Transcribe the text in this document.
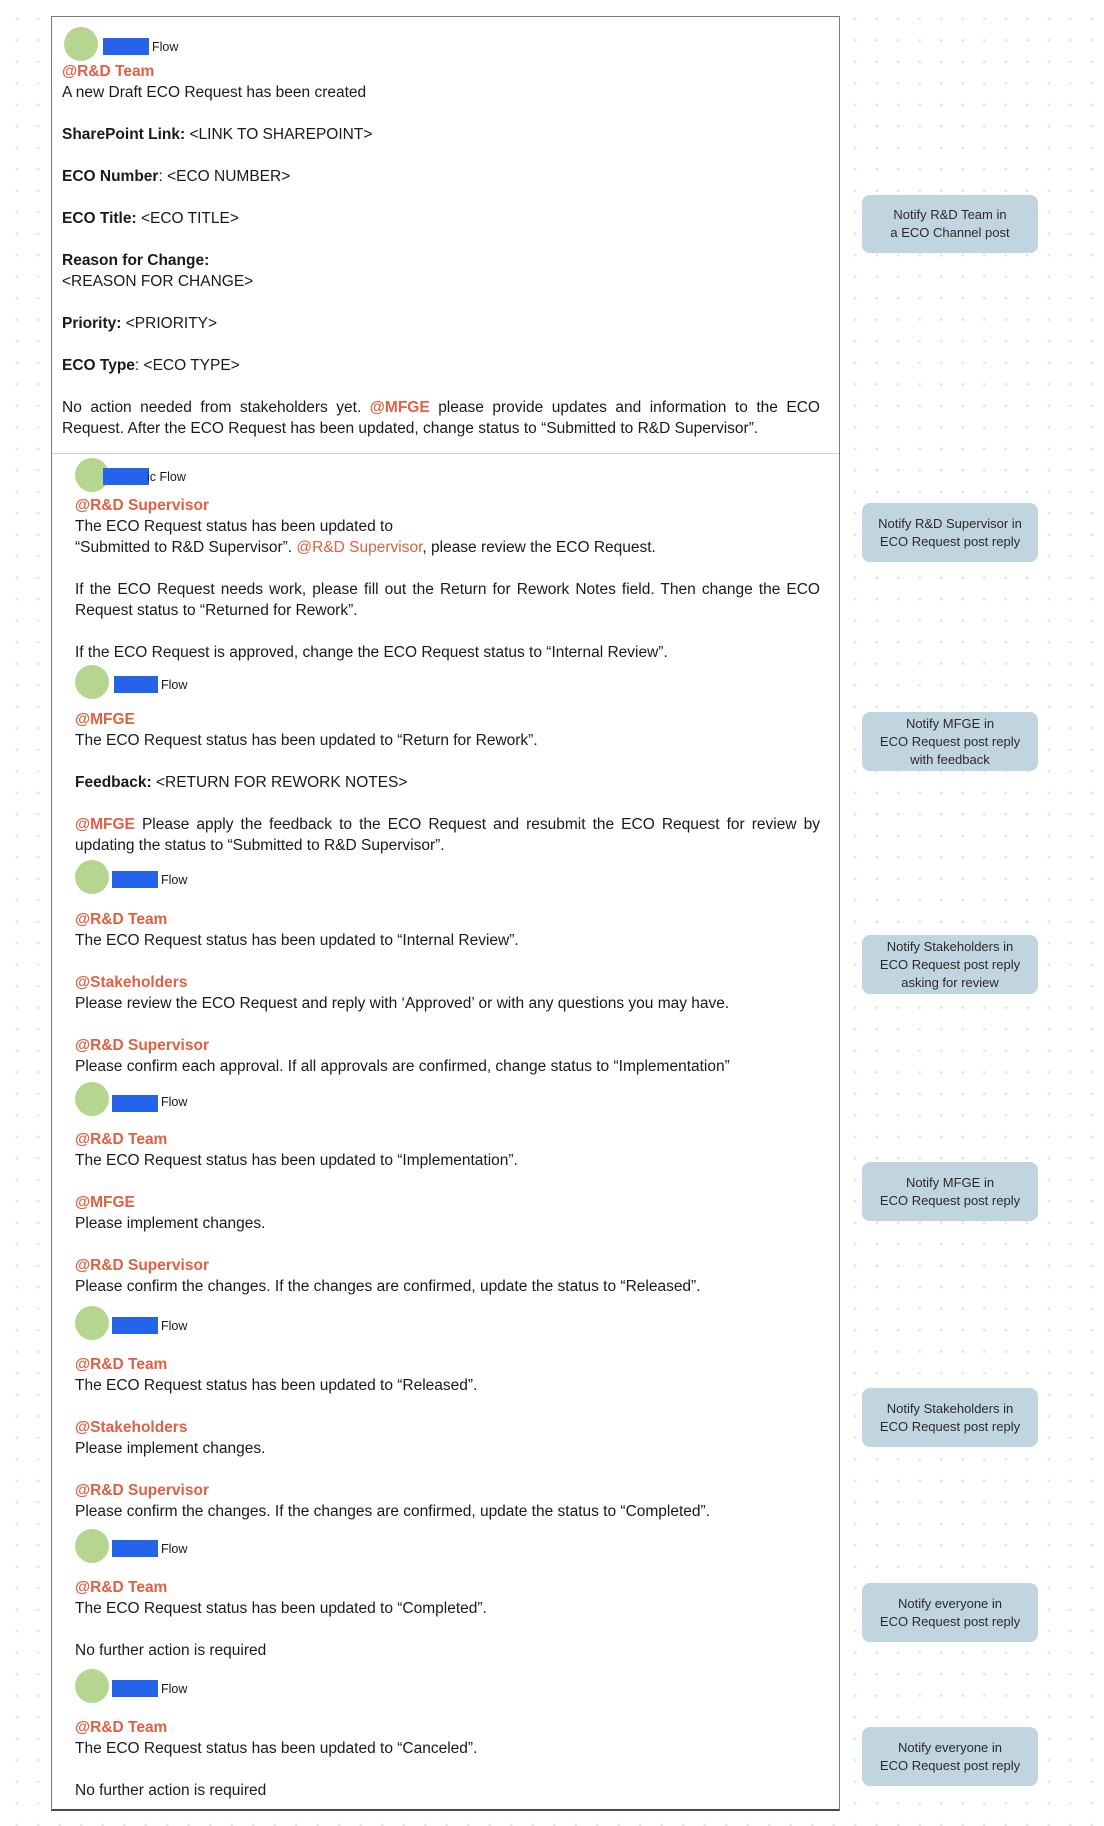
Flow

@R&D Team

A new Draft ECO Request has been created

SharePoint Link: <LINK TO SHAREPOINT>

ECO Number: <ECO NUMBER>

ECO Title: <ECO TITLE>

Reason for Change:

<REASON FOR CHANGE>

Priority: <PRIORITY>

ECO Type: <ECO TYPE>

No action needed from stakeholders yet. @MFGE please provide updates and information to the ECO Request. After the ECO Request has been updated, change status to “Submitted to R&D Supervisor”.

ic Flow

@R&D Supervisor

The ECO Request status has been updated to

“Submitted to R&D Supervisor”. @R&D Supervisor, please review the ECO Request.

If the ECO Request needs work, please fill out the Return for Rework Notes field. Then change the ECO Request status to “Returned for Rework”.

If the ECO Request is approved, change the ECO Request status to “Internal Review”.

Flow

@MFGE

The ECO Request status has been updated to “Return for Rework”.

Feedback: <RETURN FOR REWORK NOTES>

@MFGE Please apply the feedback to the ECO Request and resubmit the ECO Request for review by updating the status to “Submitted to R&D Supervisor”.

Flow

@R&D Team

The ECO Request status has been updated to “Internal Review”.

@Stakeholders

Please review the ECO Request and reply with ‘Approved’ or with any questions you may have.

@R&D Supervisor

Please confirm each approval. If all approvals are confirmed, change status to “Implementation”

Flow

@R&D Team

The ECO Request status has been updated to “Implementation”.

@MFGE

Please implement changes.

@R&D Supervisor

Please confirm the changes. If the changes are confirmed, update the status to “Released”.

Flow

@R&D Team

The ECO Request status has been updated to “Released”.

@Stakeholders

Please implement changes.

@R&D Supervisor

Please confirm the changes. If the changes are confirmed, update the status to “Completed”.

Flow

@R&D Team

The ECO Request status has been updated to “Completed”.

No further action is required

Flow

@R&D Team

The ECO Request status has been updated to “Canceled”.

No further action is required

Notify R&D Team in
a ECO Channel post
Notify R&D Supervisor in
ECO Request post reply
Notify MFGE in
ECO Request post reply
with feedback
Notify Stakeholders in
ECO Request post reply
asking for review
Notify MFGE in
ECO Request post reply
Notify Stakeholders in
ECO Request post reply
Notify everyone in
ECO Request post reply
Notify everyone in
ECO Request post reply
